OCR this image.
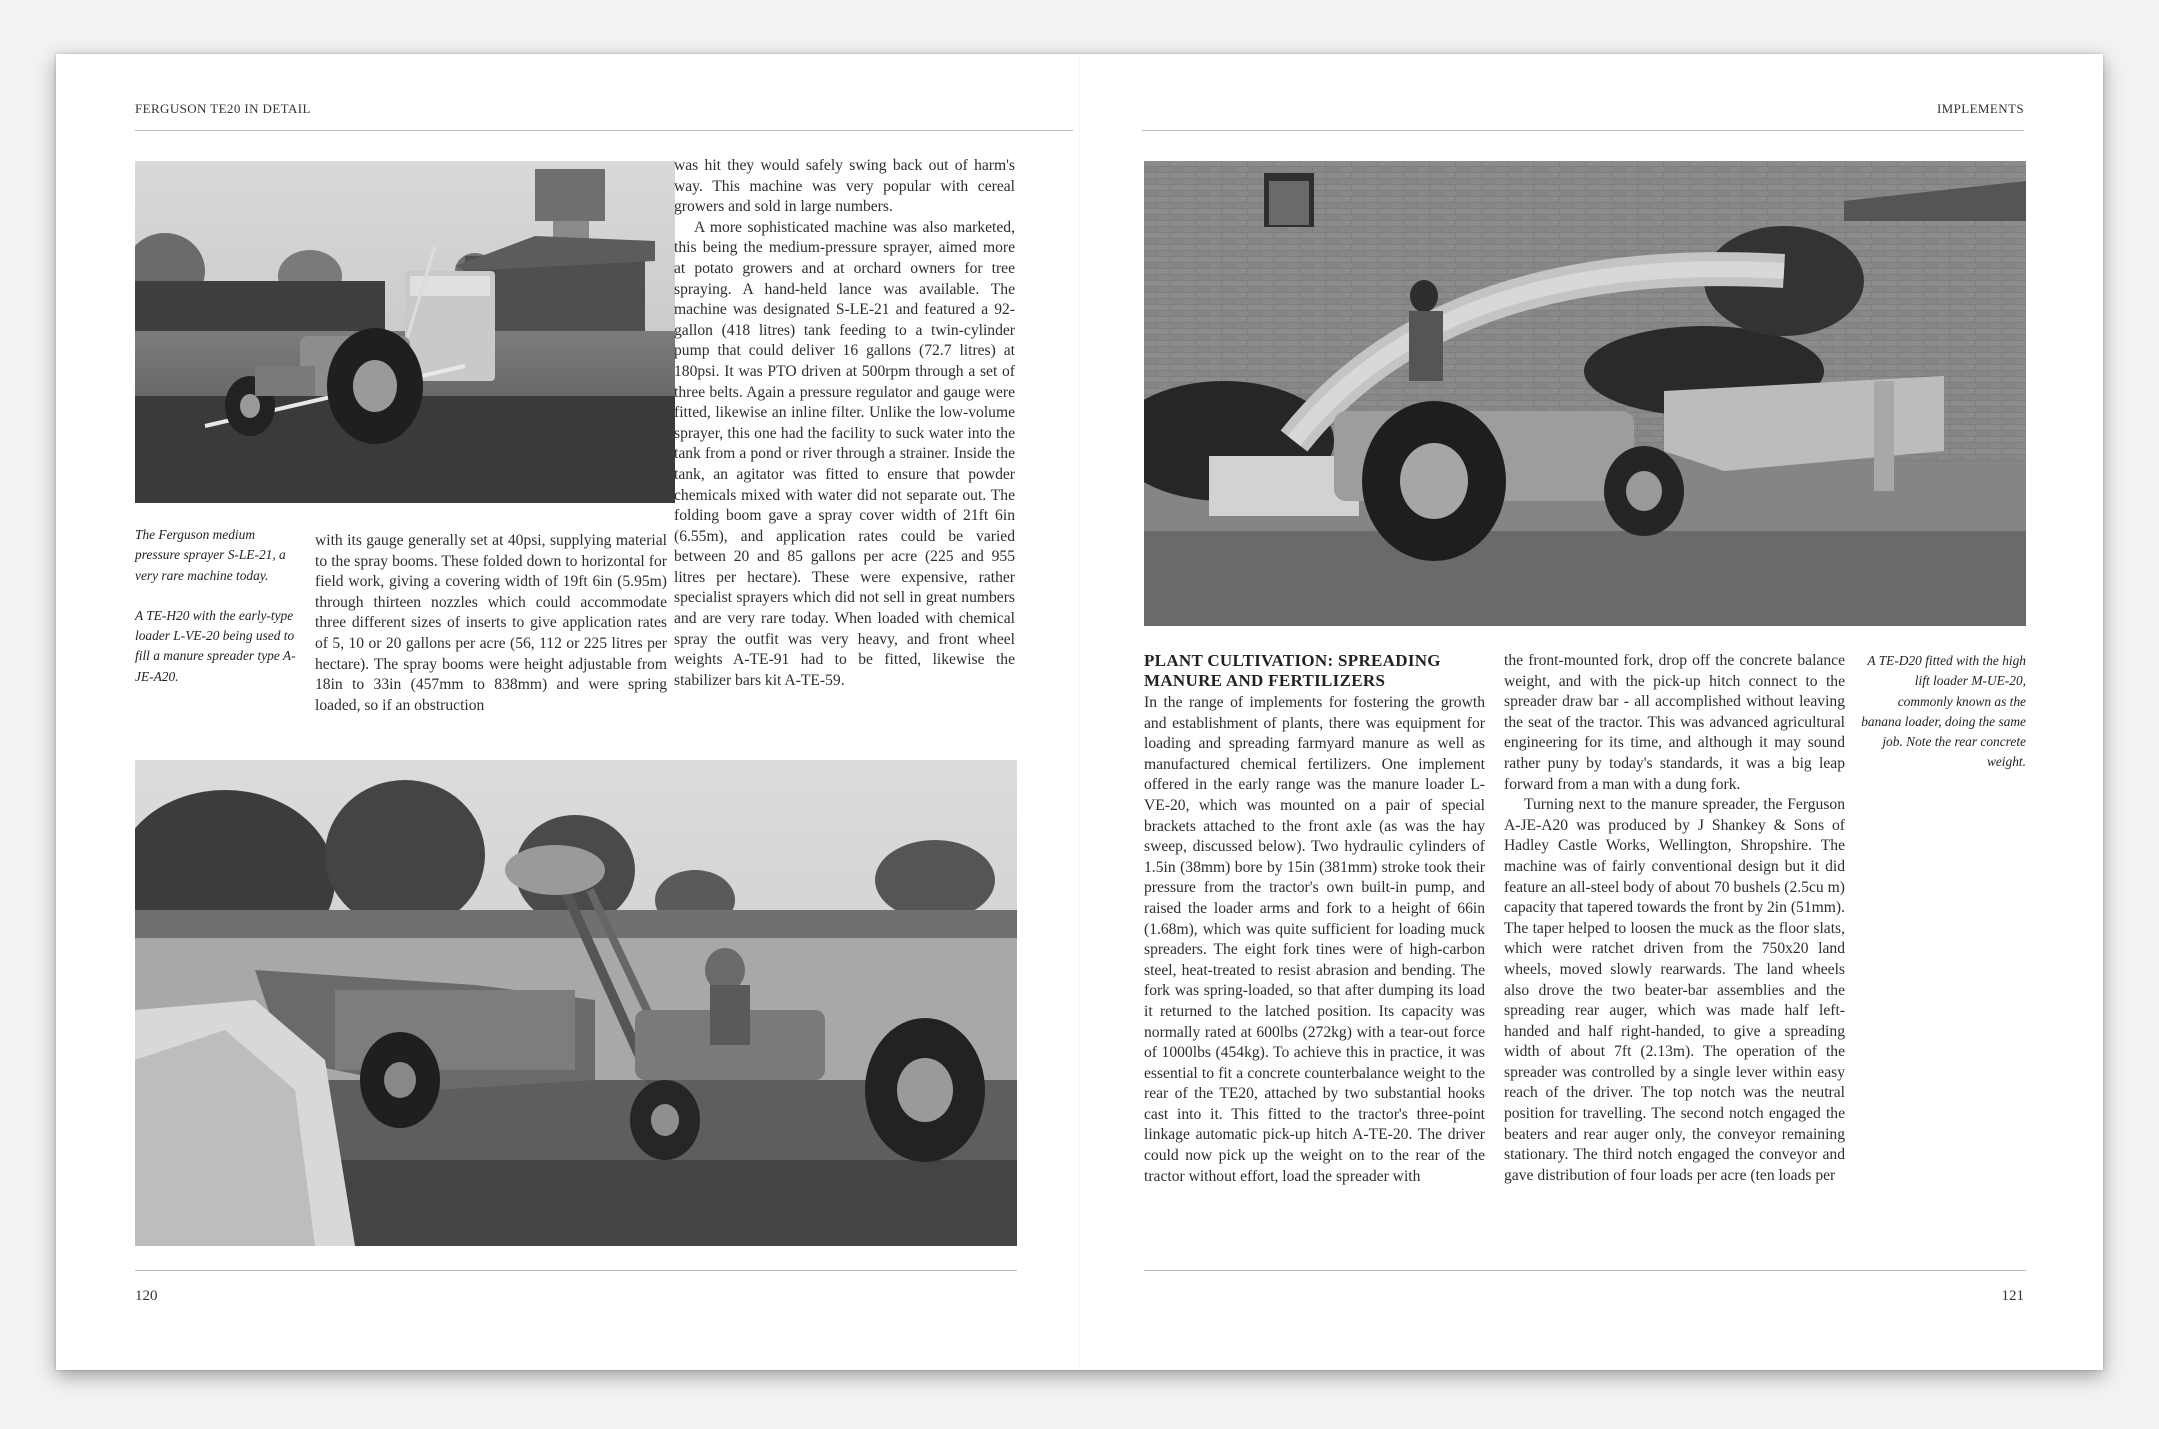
FERGUSON TE20 IN DETAIL

The Ferguson medium pressure sprayer S-LE-21, a very rare machine today.

A TE-H20 with the early-type loader L-VE-20 being used to fill a manure spreader type A-JE-A20.

with its gauge generally set at 40psi, supplying material to the spray booms. These folded down to horizontal for field work, giving a covering width of 19ft 6in (5.95m) through thirteen nozzles which could accommodate three different sizes of inserts to give application rates of 5, 10 or 20 gallons per acre (56, 112 or 225 litres per hectare). The spray booms were height adjustable from 18in to 33in (457mm to 838mm) and were spring loaded, so if an obstruction

was hit they would safely swing back out of harm's way. This machine was very popular with cereal growers and sold in large numbers.

A more sophisticated machine was also marketed, this being the medium-pressure sprayer, aimed more at potato growers and at orchard owners for tree spraying. A hand-held lance was available. The machine was designated S-LE-21 and featured a 92-gallon (418 litres) tank feeding to a twin-cylinder pump that could deliver 16 gallons (72.7 litres) at 180psi. It was PTO driven at 500rpm through a set of three belts. Again a pressure regulator and gauge were fitted, likewise an inline filter. Unlike the low-volume sprayer, this one had the facility to suck water into the tank from a pond or river through a strainer. Inside the tank, an agitator was fitted to ensure that powder chemicals mixed with water did not separate out. The folding boom gave a spray cover width of 21ft 6in (6.55m), and application rates could be varied between 20 and 85 gallons per acre (225 and 955 litres per hectare). These were expensive, rather specialist sprayers which did not sell in great numbers and are very rare today. When loaded with chemical spray the outfit was very heavy, and front wheel weights A-TE-91 had to be fitted, likewise the stabilizer bars kit A-TE-59.

120
IMPLEMENTS
PLANT CULTIVATION: SPREADING MANURE AND FERTILIZERS

In the range of implements for fostering the growth and establishment of plants, there was equipment for loading and spreading farmyard manure as well as manufactured chemical fertilizers. One implement offered in the early range was the manure loader L-VE-20, which was mounted on a pair of special brackets attached to the front axle (as was the hay sweep, discussed below). Two hydraulic cylinders of 1.5in (38mm) bore by 15in (381mm) stroke took their pressure from the tractor's own built-in pump, and raised the loader arms and fork to a height of 66in (1.68m), which was quite sufficient for loading muck spreaders. The eight fork tines were of high-carbon steel, heat-treated to resist abrasion and bending. The fork was spring-loaded, so that after dumping its load it returned to the latched position. Its capacity was normally rated at 600lbs (272kg) with a tear-out force of 1000lbs (454kg). To achieve this in practice, it was essential to fit a concrete counterbalance weight to the rear of the TE20, attached by two substantial hooks cast into it. This fitted to the tractor's three-point linkage automatic pick-up hitch A-TE-20. The driver could now pick up the weight on to the rear of the tractor without effort, load the spreader with

the front-mounted fork, drop off the concrete balance weight, and with the pick-up hitch connect to the spreader draw bar - all accomplished without leaving the seat of the tractor. This was advanced agricultural engineering for its time, and although it may sound rather puny by today's standards, it was a big leap forward from a man with a dung fork.

Turning next to the manure spreader, the Ferguson A-JE-A20 was produced by J Shankey & Sons of Hadley Castle Works, Wellington, Shropshire. The machine was of fairly conventional design but it did feature an all-steel body of about 70 bushels (2.5cu m) capacity that tapered towards the front by 2in (51mm). The taper helped to loosen the muck as the floor slats, which were ratchet driven from the 750x20 land wheels, moved slowly rearwards. The land wheels also drove the two beater-bar assemblies and the spreading rear auger, which was made half left-handed and half right-handed, to give a spreading width of about 7ft (2.13m). The operation of the spreader was controlled by a single lever within easy reach of the driver. The top notch was the neutral position for travelling. The second notch engaged the beaters and rear auger only, the conveyor remaining stationary. The third notch engaged the conveyor and gave distribution of four loads per acre (ten loads per

A TE-D20 fitted with the high lift loader M-UE-20, commonly known as the banana loader, doing the same job. Note the rear concrete weight.

121
